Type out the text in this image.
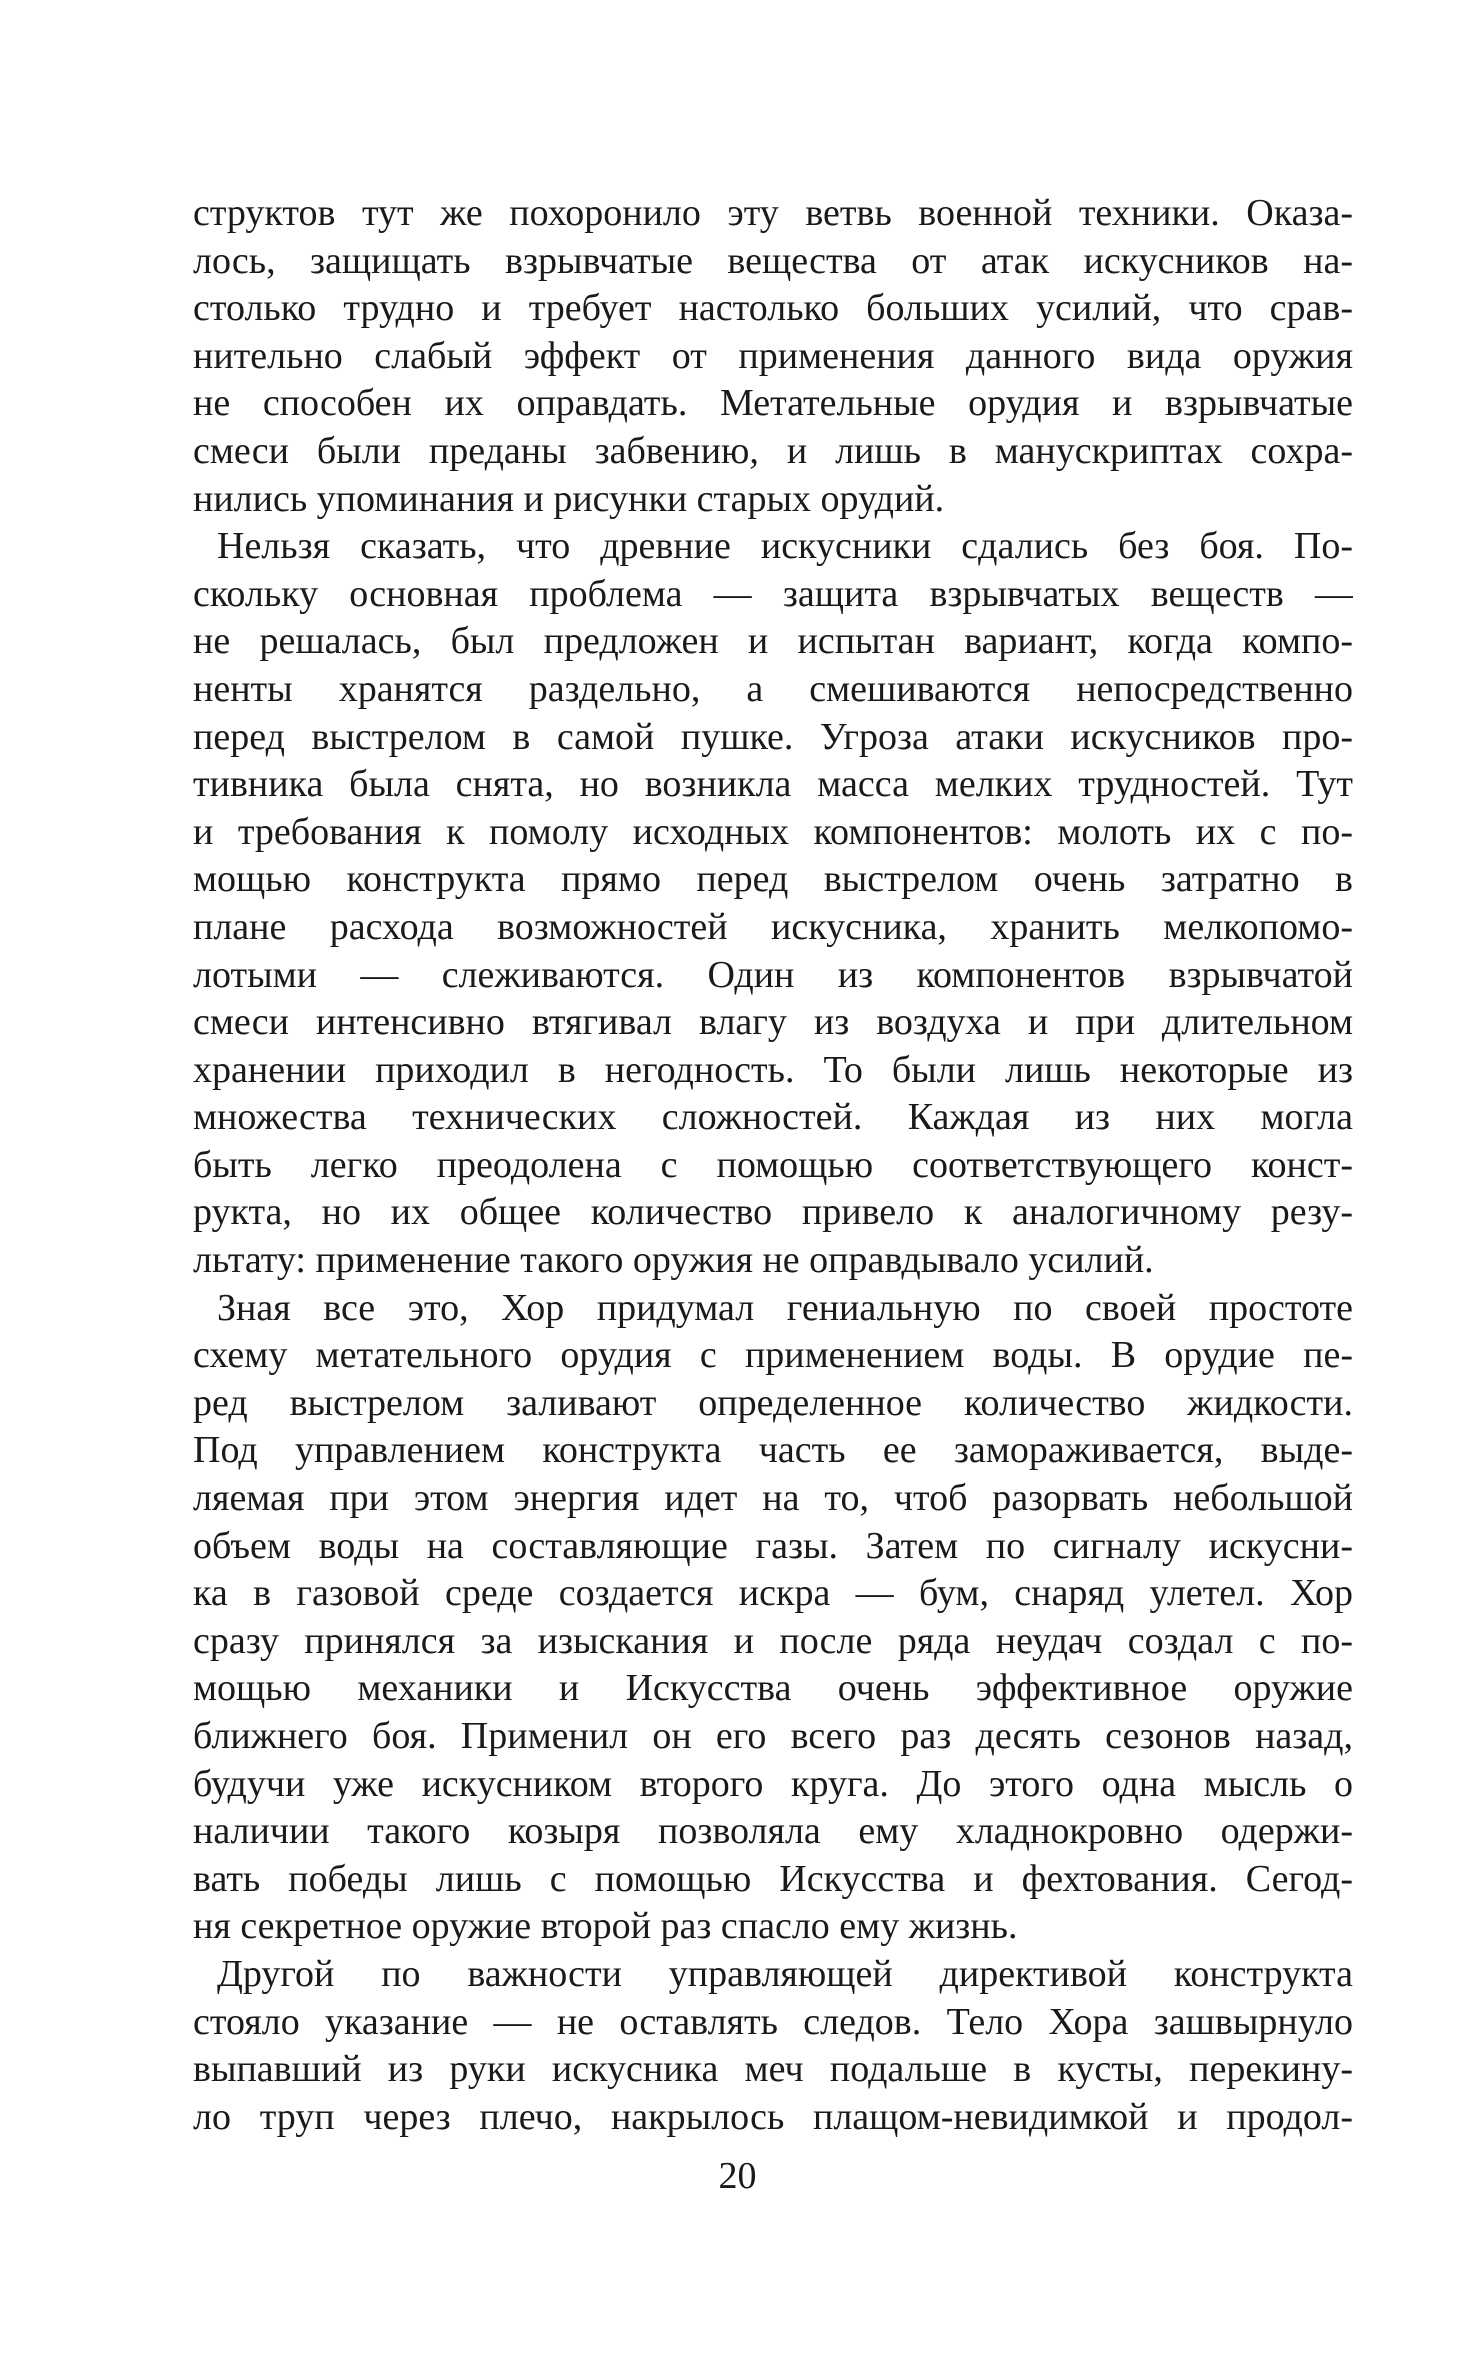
структов тут же похоронило эту ветвь военной техники. Оказа-
лось, защищать взрывчатые вещества от атак искусников на-
столько трудно и требует настолько больших усилий, что срав-
нительно слабый эффект от применения данного вида оружия
не способен их оправдать. Метательные орудия и взрывчатые
смеси были преданы забвению, и лишь в манускриптах сохра-
нились упоминания и рисунки старых орудий.
Нельзя сказать, что древние искусники сдались без боя. По-
скольку основная проблема — защита взрывчатых веществ —
не решалась, был предложен и испытан вариант, когда компо-
ненты хранятся раздельно, а смешиваются непосредственно
перед выстрелом в самой пушке. Угроза атаки искусников про-
тивника была снята, но возникла масса мелких трудностей. Тут
и требования к помолу исходных компонентов: молоть их с по-
мощью конструкта прямо перед выстрелом очень затратно в
плане расхода возможностей искусника, хранить мелкопомо-
лотыми — слеживаются. Один из компонентов взрывчатой
смеси интенсивно втягивал влагу из воздуха и при длительном
хранении приходил в негодность. То были лишь некоторые из
множества технических сложностей. Каждая из них могла
быть легко преодолена с помощью соответствующего конст-
рукта, но их общее количество привело к аналогичному резу-
льтату: применение такого оружия не оправдывало усилий.
Зная все это, Хор придумал гениальную по своей простоте
схему метательного орудия с применением воды. В орудие пе-
ред выстрелом заливают определенное количество жидкости.
Под управлением конструкта часть ее замораживается, выде-
ляемая при этом энергия идет на то, чтоб разорвать небольшой
объем воды на составляющие газы. Затем по сигналу искусни-
ка в газовой среде создается искра — бум, снаряд улетел. Хор
сразу принялся за изыскания и после ряда неудач создал с по-
мощью механики и Искусства очень эффективное оружие
ближнего боя. Применил он его всего раз десять сезонов назад,
будучи уже искусником второго круга. До этого одна мысль о
наличии такого козыря позволяла ему хладнокровно одержи-
вать победы лишь с помощью Искусства и фехтования. Сегод-
ня секретное оружие второй раз спасло ему жизнь.
Другой по важности управляющей директивой конструкта
стояло указание — не оставлять следов. Тело Хора зашвырнуло
выпавший из руки искусника меч подальше в кусты, перекину-
ло труп через плечо, накрылось плащом-невидимкой и продол-
20
